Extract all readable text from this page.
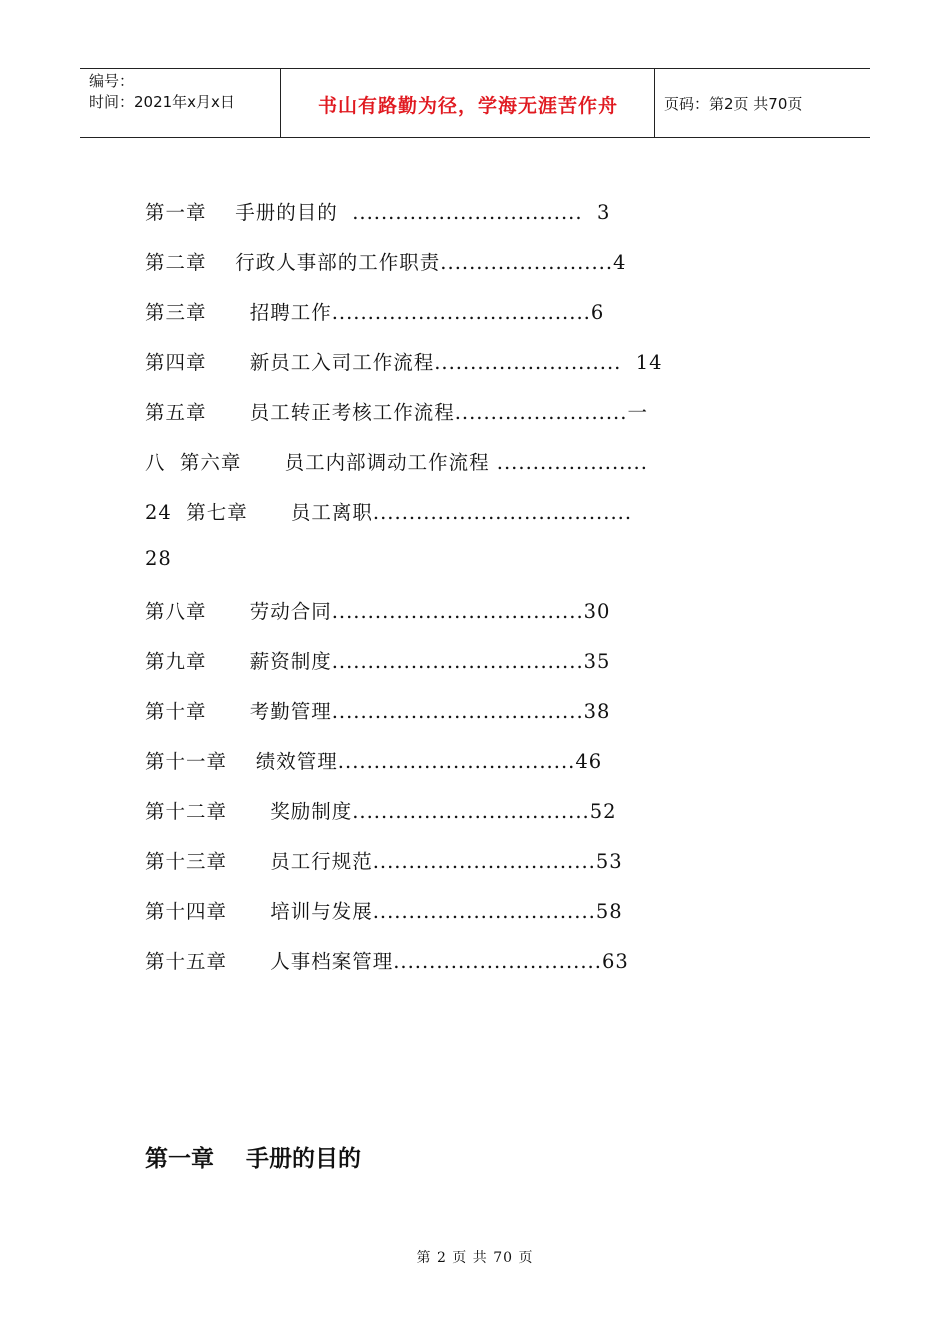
编号：
时间：2021年x月x日	书山有路勤为径，学海无涯苦作舟	页码：第2页 共70页
第一章    手册的目的  ................................  3
第二章    行政人事部的工作职责........................4
第三章      招聘工作....................................6
第四章      新员工入司工作流程..........................  14
第五章      员工转正考核工作流程........................一
八  第六章      员工内部调动工作流程 .....................
24  第七章      员工离职....................................
28
第八章      劳动合同...................................30
第九章      薪资制度...................................35
第十章      考勤管理...................................38
第十一章    绩效管理.................................46
第十二章      奖励制度.................................52
第十三章      员工行规范...............................53
第十四章      培训与发展...............................58
第十五章      人事档案管理.............................63
第一章    手册的目的
第 2 页 共 70 页
